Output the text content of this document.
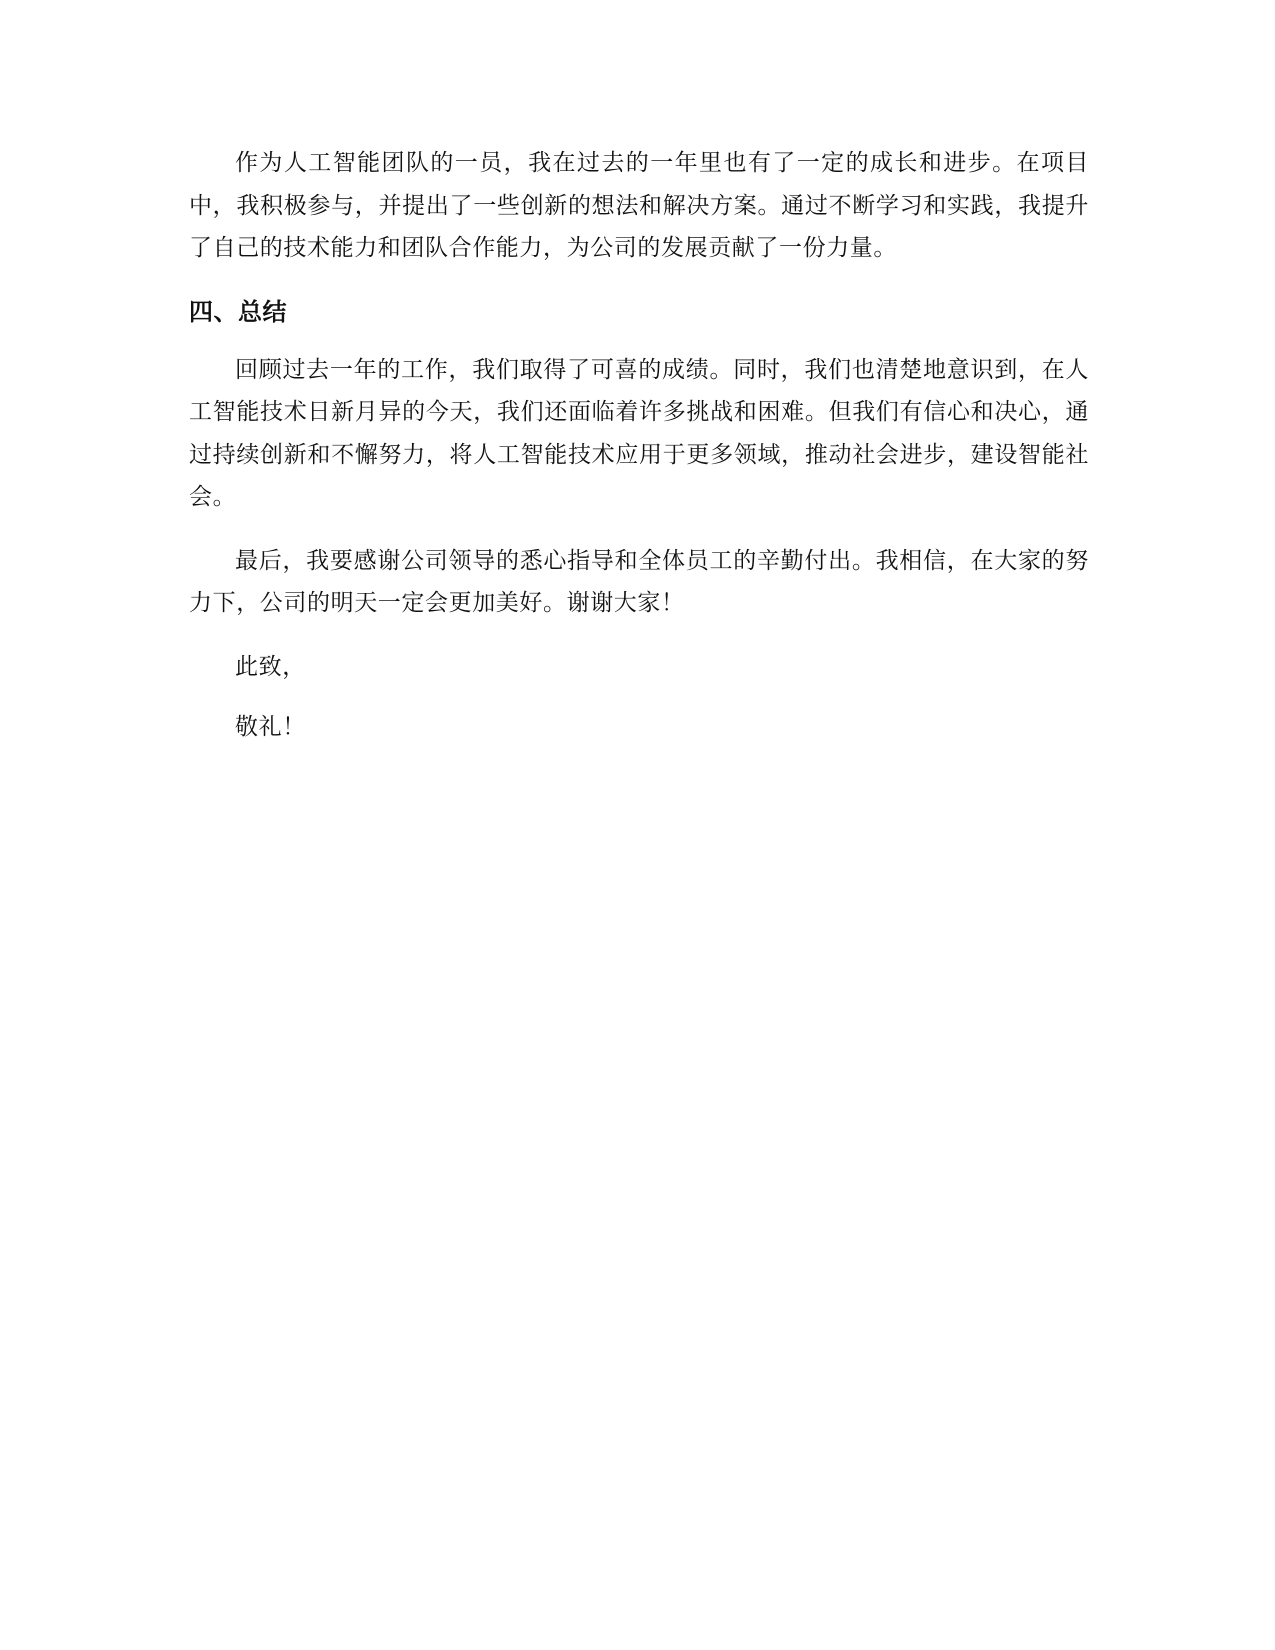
作为人工智能团队的一员，我在过去的一年里也有了一定的成长和进步。在项目中，我积极参与，并提出了一些创新的想法和解决方案。通过不断学习和实践，我提升了自己的技术能力和团队合作能力，为公司的发展贡献了一份力量。

四、总结

回顾过去一年的工作，我们取得了可喜的成绩。同时，我们也清楚地意识到，在人工智能技术日新月异的今天，我们还面临着许多挑战和困难。但我们有信心和决心，通过持续创新和不懈努力，将人工智能技术应用于更多领域，推动社会进步，建设智能社会。

最后，我要感谢公司领导的悉心指导和全体员工的辛勤付出。我相信，在大家的努力下，公司的明天一定会更加美好。谢谢大家！

此致，

敬礼！
